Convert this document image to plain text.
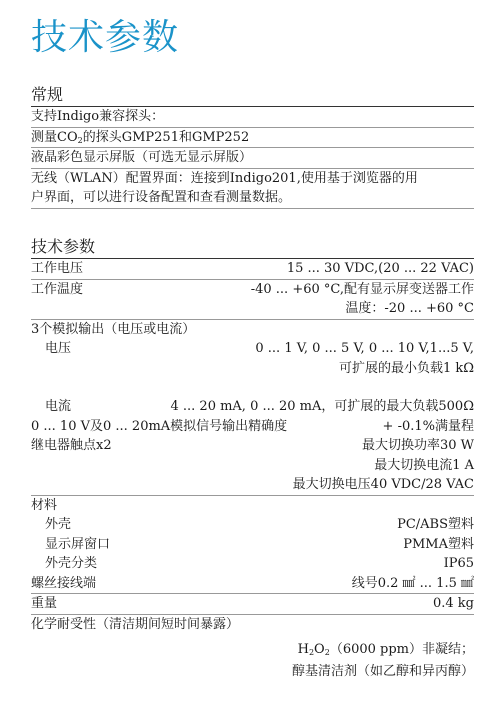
技术参数
常规
支持Indigo兼容探头：
测量$CO_2$的探头GMP251和GMP252
液晶彩色显示屏版（可选无显示屏版）
无线（WLAN）配置界面：连接到Indigo201,使用基于浏览器的用
户界面，可以进行设备配置和查看测量数据。
技术参数
工作电压	15 ... 30 VDC,(20 ... 22 VAC)
工作温度	-40 ... +60 °C,配有显示屏变送器工作
温度：-20 ... +60 °C
3个模拟输出（电压或电流）
电压	0 ... 1 V, 0 ... 5 V, 0 ... 10 V,1...5 V,
可扩展的最小负载1 kΩ
电流	4 ... 20 mA, 0 ... 20 mA，可扩展的最大负载500Ω
0 ... 10 V及0 ... 20mA模拟信号输出精确度	+ -0.1%满量程
继电器触点x2	最大切换功率30 W
最大切换电流1 A
最大切换电压40 VDC/28 VAC
材料
外壳	PC/ABS塑料
显示屏窗口	PMMA塑料
外壳分类	IP65
螺丝接线端	线号0.2 ㎟ ... 1.5 ㎟
重量	0.4 kg
化学耐受性（清洁期间短时间暴露）
$H_2O_2(6000$ ppm）非凝结；
醇基清洁剂（如乙醇和异丙醇）
